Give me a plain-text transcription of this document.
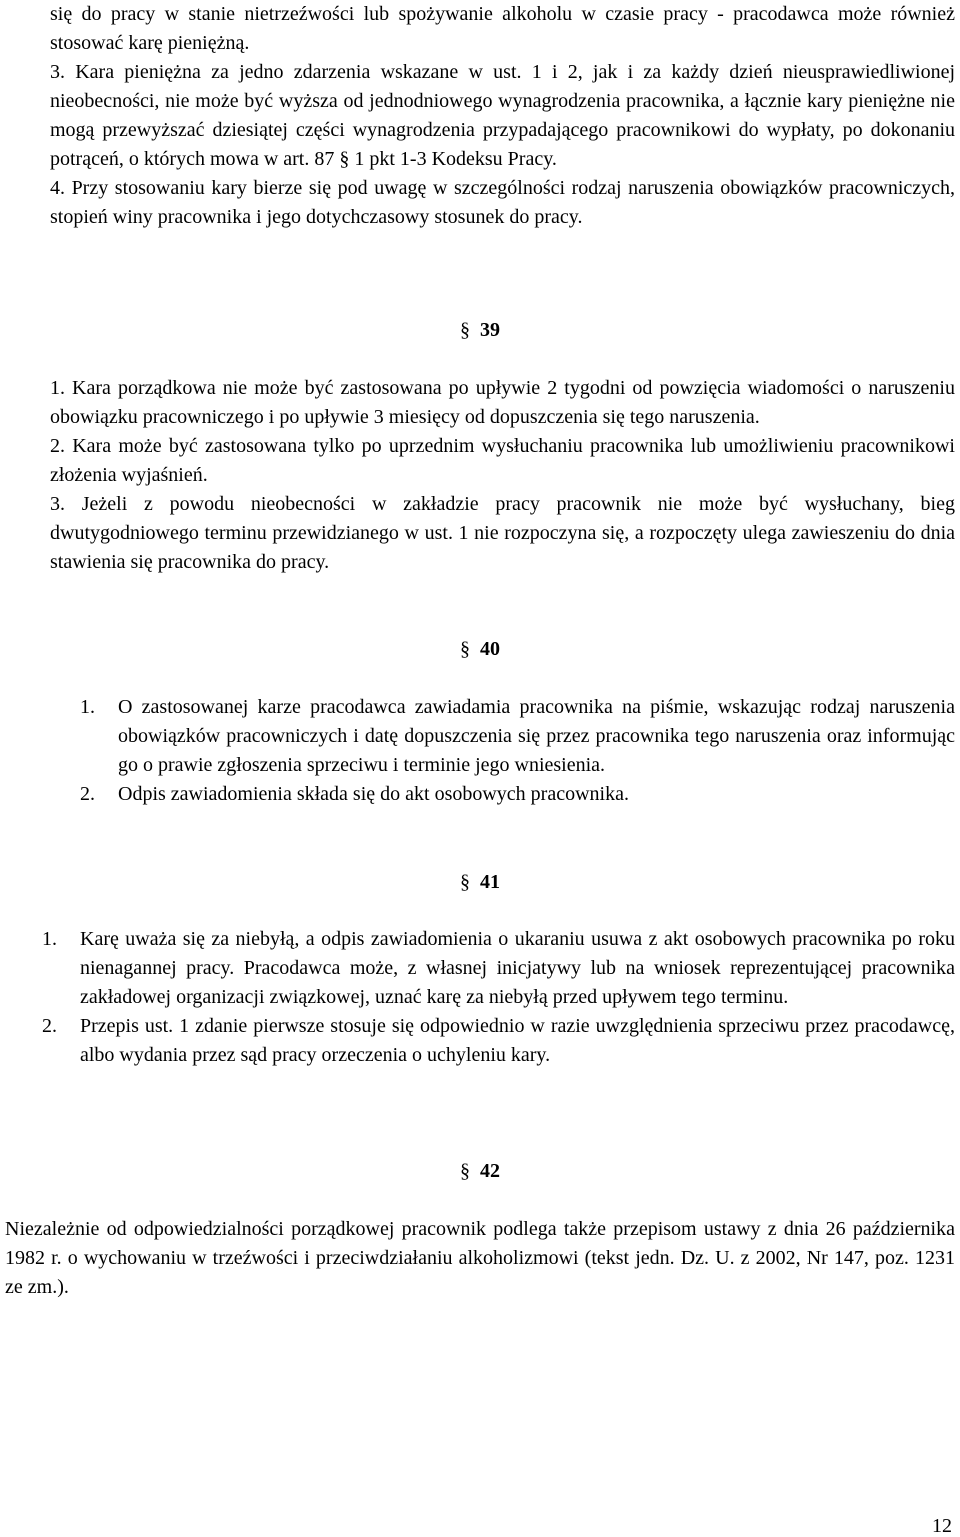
się do pracy w stanie nietrzeźwości lub spożywanie alkoholu w czasie pracy - pracodawca może również stosować karę pieniężną.

3. Kara pieniężna za jedno zdarzenia wskazane w ust. 1 i 2, jak i za każdy dzień nieusprawiedliwionej nieobecności, nie może być wyższa od jednodniowego wynagrodzenia pracownika, a łącznie kary pieniężne nie mogą przewyższać dziesiątej części wynagrodzenia przypadającego pracownikowi do wypłaty, po dokonaniu potrąceń, o których mowa w art. 87 § 1 pkt 1-3 Kodeksu Pracy.

4. Przy stosowaniu kary bierze się pod uwagę w szczególności rodzaj naruszenia obowiązków pracowniczych, stopień winy pracownika i jego dotychczasowy stosunek do pracy.

§ 39

1. Kara porządkowa nie może być zastosowana po upływie 2 tygodni od powzięcia wiadomości o naruszeniu obowiązku pracowniczego i po upływie 3 miesięcy od dopuszczenia się tego naruszenia.

2. Kara może być zastosowana tylko po uprzednim wysłuchaniu pracownika lub umożliwieniu pracownikowi złożenia wyjaśnień.

3. Jeżeli z powodu nieobecności w zakładzie pracy pracownik nie może być wysłuchany, bieg dwutygodniowego terminu przewidzianego w ust. 1 nie rozpoczyna się, a rozpoczęty ulega zawieszeniu do dnia stawienia się pracownika do pracy.

§ 40
1.	O zastosowanej karze pracodawca zawiadamia pracownika na piśmie, wskazując rodzaj naruszenia obowiązków pracowniczych i datę dopuszczenia się przez pracownika tego naruszenia oraz informując go o prawie zgłoszenia sprzeciwu i terminie jego wniesienia.
2.	Odpis zawiadomienia składa się do akt osobowych pracownika.
§ 41
1.	Karę uważa się za niebyłą, a odpis zawiadomienia o ukaraniu usuwa z akt osobowych pracownika po roku nienagannej pracy. Pracodawca może, z własnej inicjatywy lub na wniosek reprezentującej pracownika zakładowej organizacji związkowej, uznać karę za niebyłą przed upływem tego terminu.
2.	Przepis ust. 1 zdanie pierwsze stosuje się odpowiednio w razie uwzględnienia sprzeciwu przez pracodawcę, albo wydania przez sąd pracy orzeczenia o uchyleniu kary.
§ 42

Niezależnie od odpowiedzialności porządkowej pracownik podlega także przepisom ustawy z dnia 26 października 1982 r. o wychowaniu w trzeźwości i przeciwdziałaniu alkoholizmowi (tekst jedn. Dz. U. z 2002, Nr 147, poz. 1231 ze zm.).

12
